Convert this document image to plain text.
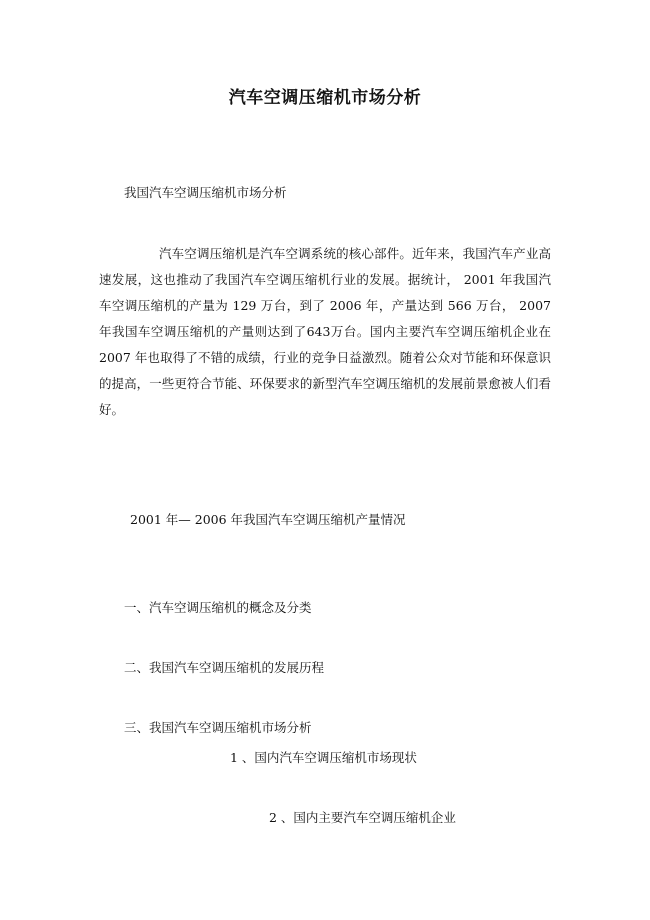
汽车空调压缩机市场分析
我国汽车空调压缩机市场分析

汽车空调压缩机是汽车空调系统的核心部件。近年来，我国汽车产业高速发展，这也推动了我国汽车空调压缩机行业的发展。据统计， 2001 年我国汽车空调压缩机的产量为 129 万台，到了 2006 年，产量达到 566 万台， 2007 年我国车空调压缩机的产量则达到了643万台。国内主要汽车空调压缩机企业在 2007 年也取得了不错的成绩，行业的竞争日益激烈。随着公众对节能和环保意识的提高，一些更符合节能、环保要求的新型汽车空调压缩机的发展前景愈被人们看好。

2001 年— 2006 年我国汽车空调压缩机产量情况
一、汽车空调压缩机的概念及分类
二、我国汽车空调压缩机的发展历程
三、我国汽车空调压缩机市场分析
1 、国内汽车空调压缩机市场现状
2 、国内主要汽车空调压缩机企业
